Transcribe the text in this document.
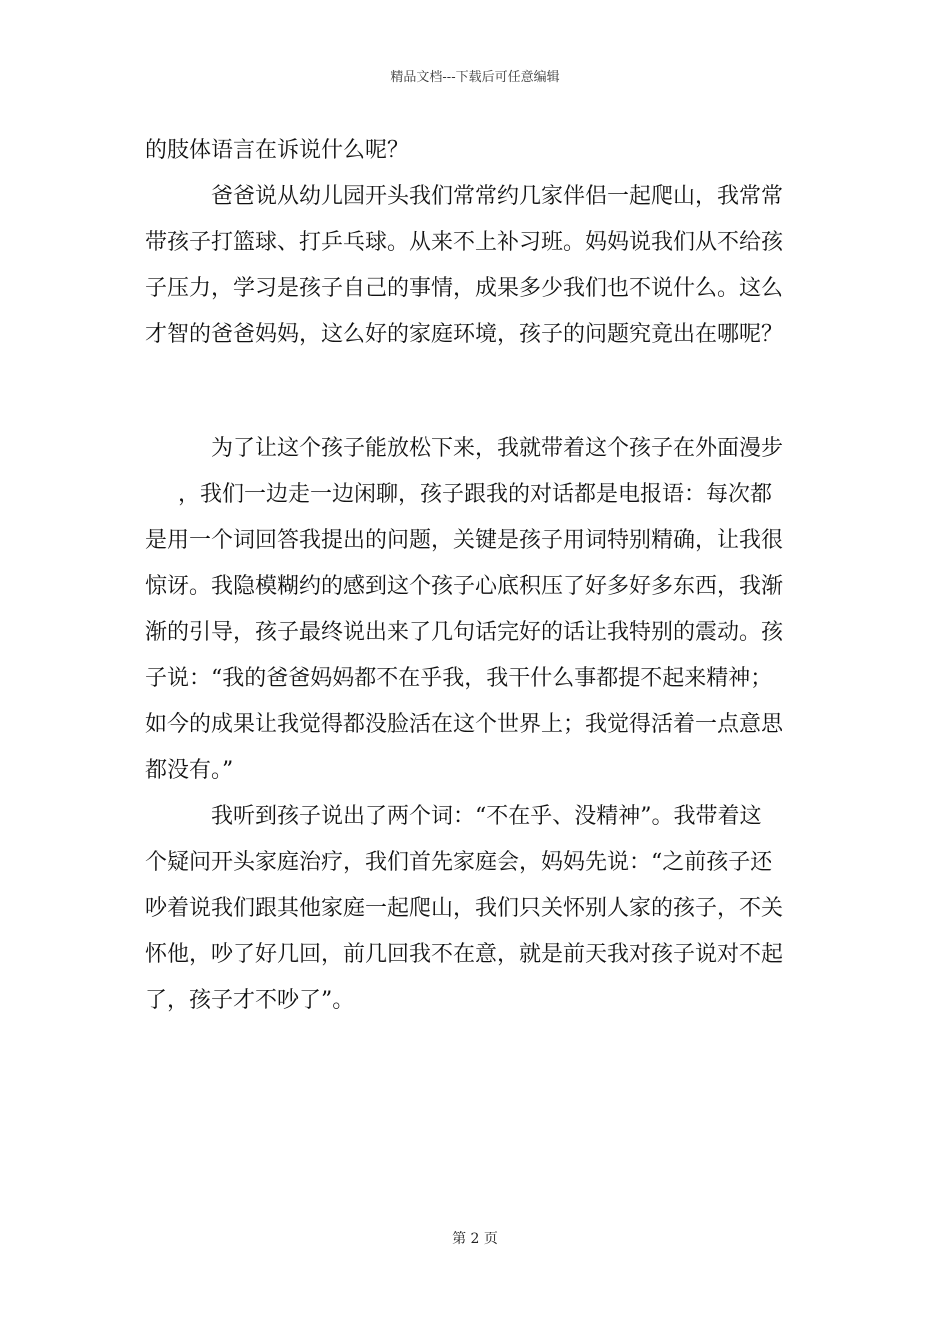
精品文档---下载后可任意编辑
的肢体语言在诉说什么呢？
爸爸说从幼儿园开头我们常常约几家伴侣一起爬山，我常常
带孩子打篮球、打乒乓球。从来不上补习班。妈妈说我们从不给孩
子压力，学习是孩子自己的事情，成果多少我们也不说什么。这么
才智的爸爸妈妈，这么好的家庭环境，孩子的问题究竟出在哪呢？
为了让这个孩子能放松下来，我就带着这个孩子在外面漫步
，我们一边走一边闲聊，孩子跟我的对话都是电报语：每次都
是用一个词回答我提出的问题，关键是孩子用词特别精确，让我很
惊讶。我隐模糊约的感到这个孩子心底积压了好多好多东西，我渐
渐的引导，孩子最终说出来了几句话完好的话让我特别的震动。孩
子说：“我的爸爸妈妈都不在乎我，我干什么事都提不起来精神；
如今的成果让我觉得都没脸活在这个世界上；我觉得活着一点意思
都没有。”
我听到孩子说出了两个词：“不在乎、没精神”。我带着这
个疑问开头家庭治疗，我们首先家庭会，妈妈先说：“之前孩子还
吵着说我们跟其他家庭一起爬山，我们只关怀别人家的孩子，不关
怀他，吵了好几回，前几回我不在意，就是前天我对孩子说对不起
了，孩子才不吵了”。
第 2 页
